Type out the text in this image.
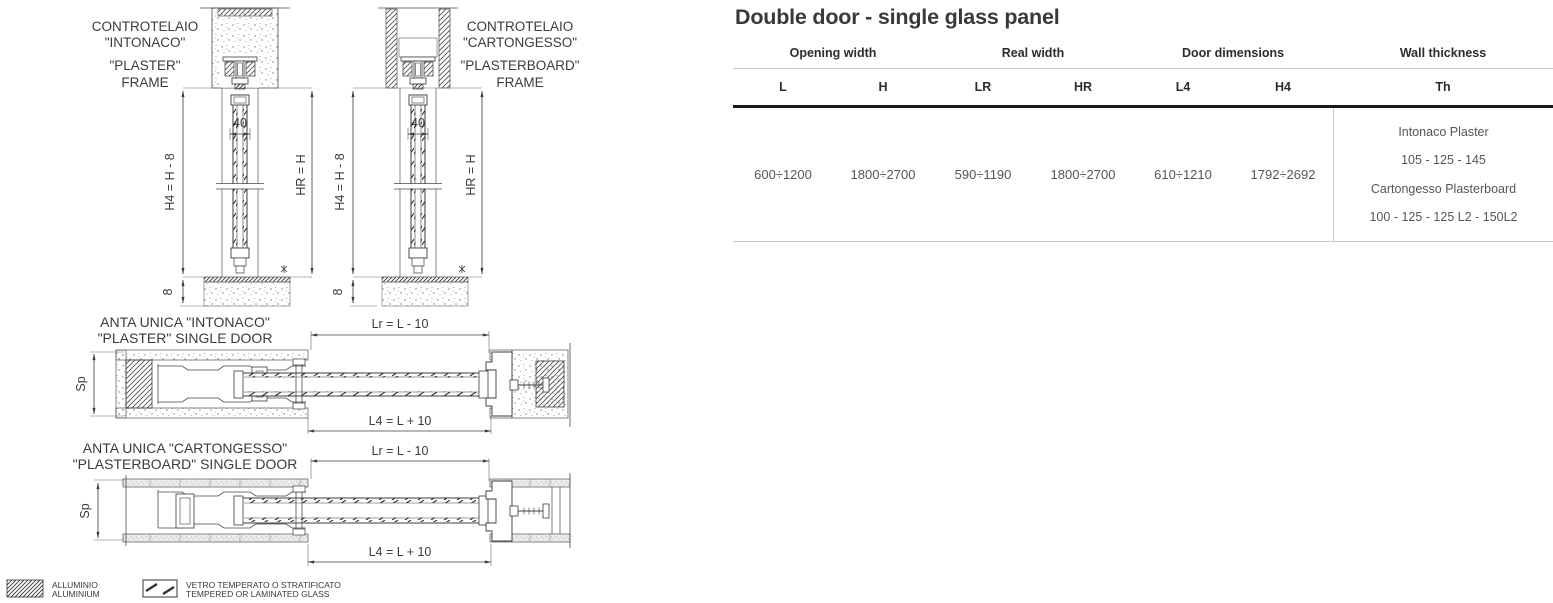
40
H4 = H - 8	HR = H
8
CONTROTELAIO
"INTONACO"
"PLASTER"
FRAME
40
H4 = H - 8	HR = H
8
CONTROTELAIO
"CARTONGESSO"
"PLASTERBOARD"
FRAME
ANTA UNICA "INTONACO"
"PLASTER" SINGLE DOOR
Lr = L - 10
L4 = L + 10
Sp
ANTA UNICA "CARTONGESSO"
"PLASTERBOARD" SINGLE DOOR
Lr = L - 10
L4 = L + 10
Sp
ALLUMINIO
ALUMINIUM
VETRO TEMPERATO O STRATIFICATO
TEMPERED OR LAMINATED GLASS
Double door - single glass panel
Opening width	Real width	Door dimensions	Wall thickness
L	H	LR	HR	L4	H4	Th
600÷1200	1800÷2700	590÷1190	1800÷2700	610÷1210	1792÷2692
Intonaco Plaster
105 - 125 - 145
Cartongesso Plasterboard
100 - 125 - 125 L2 - 150L2
